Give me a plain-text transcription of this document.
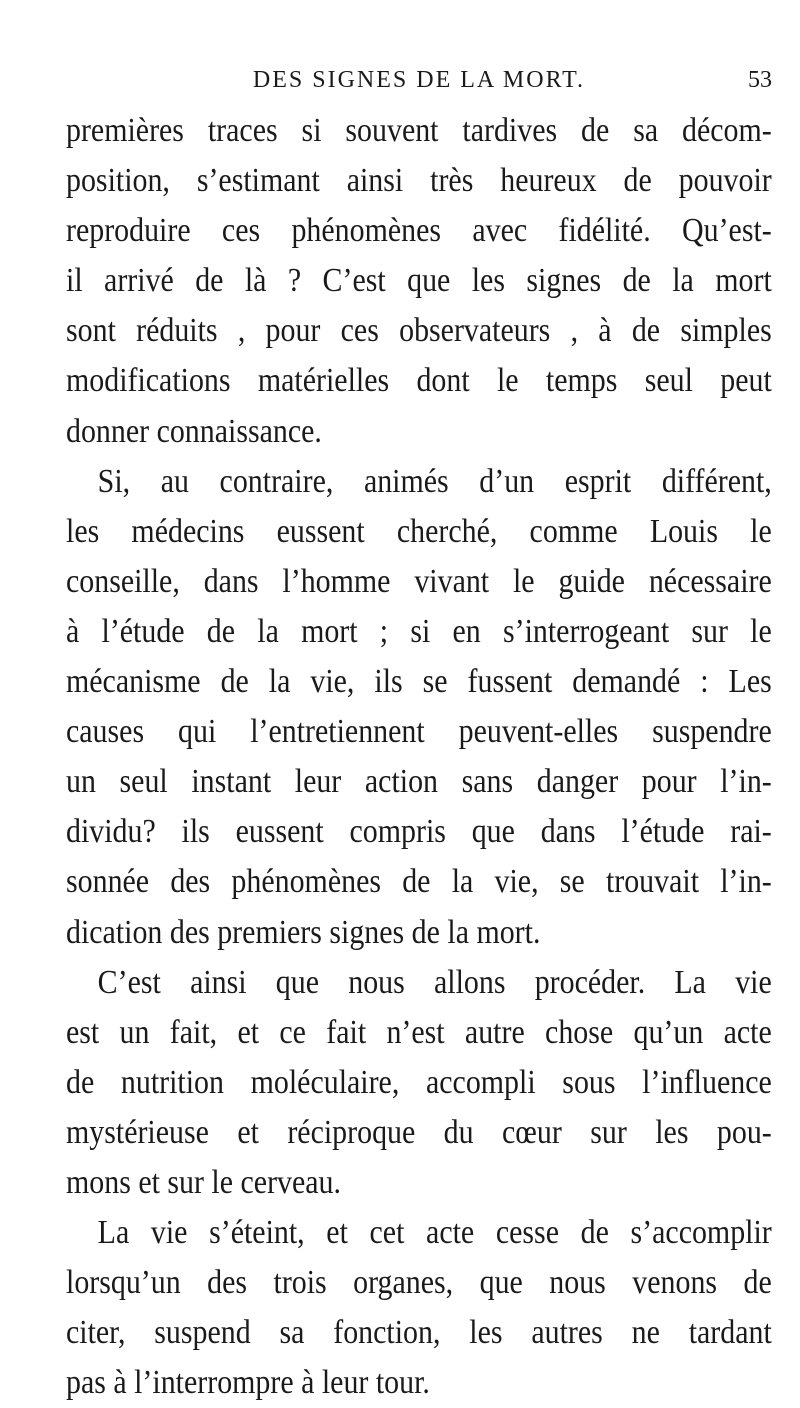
DES SIGNES DE LA MORT.	53
premières traces si souvent tardives de sa décom-
position, s’estimant ainsi très heureux de pouvoir
reproduire ces phénomènes avec fidélité. Qu’est-
il arrivé de là ? C’est que les signes de la mort
sont réduits , pour ces observateurs , à de simples
modifications matérielles dont le temps seul peut
donner connaissance.
Si, au contraire, animés d’un esprit différent,
les médecins eussent cherché, comme Louis le
conseille, dans l’homme vivant le guide nécessaire
à l’étude de la mort ; si en s’interrogeant sur le
mécanisme de la vie, ils se fussent demandé : Les
causes qui l’entretiennent peuvent-elles suspendre
un seul instant leur action sans danger pour l’in-
dividu? ils eussent compris que dans l’étude rai-
sonnée des phénomènes de la vie, se trouvait l’in-
dication des premiers signes de la mort.
C’est ainsi que nous allons procéder. La vie
est un fait, et ce fait n’est autre chose qu’un acte
de nutrition moléculaire, accompli sous l’influence
mystérieuse et réciproque du cœur sur les pou-
mons et sur le cerveau.
La vie s’éteint, et cet acte cesse de s’accomplir
lorsqu’un des trois organes, que nous venons de
citer, suspend sa fonction, les autres ne tardant
pas à l’interrompre à leur tour.
